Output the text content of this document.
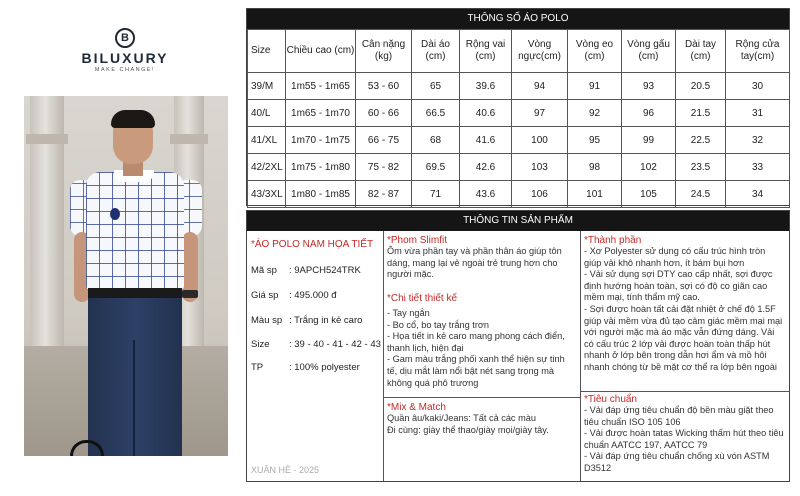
B
BILUXURY
MAKE CHANGE!
THÔNG SỐ ÁO POLO
Size	Chiều cao (cm)	Cân nặng (kg)	Dài áo (cm)	Rộng vai (cm)	Vòng ngực(cm)	Vòng eo (cm)	Vòng gấu (cm)	Dài tay (cm)	Rộng cửa tay(cm)
39/M	1m55 - 1m65	53 - 60	65	39.6	94	91	93	20.5	30
40/L	1m65 - 1m70	60 - 66	66.5	40.6	97	92	96	21.5	31
41/XL	1m70 - 1m75	66 - 75	68	41.6	100	95	99	22.5	32
42/2XL	1m75 - 1m80	75 - 82	69.5	42.6	103	98	102	23.5	33
43/3XL	1m80 - 1m85	82 - 87	71	43.6	106	101	105	24.5	34
THÔNG TIN SẢN PHẨM
*ÁO POLO NAM HỌA TIẾT
Mã sp : 9APCH524TRK
Giá sp : 495.000 đ
Màu sp : Trắng in kẻ caro
Size : 39 - 40 - 41 - 42 - 43
TP	: 100% polyester
XUÂN HÈ - 2025
*Phom Slimfit
Ôm vừa phần tay và phần thân áo giúp tôn dáng, mang lại vẻ ngoài trẻ trung hơn cho người mặc.
*Chi tiết thiết kế
- Tay ngắn
- Bo cổ, bo tay trắng trơn
- Họa tiết in kẻ caro mang phong cách điển, thanh lịch, hiện đại
- Gam màu trắng phối xanh thể hiện sự tinh tế, dịu mắt làm nổi bật nét sang trọng mà không quá phô trương
*Mix & Match
Quần âu/kaki/Jeans: Tất cả các màu
Đi cùng: giày thể thao/giày mọi/giày tây.
*Thành phần
- Xơ Polyester sử dụng có cấu trúc hình tròn giúp vải khô nhanh hơn, ít bám bụi hơn
- Vải sử dụng sợi DTY cao cấp nhất, sợi được định hướng hoàn toàn, sợi có độ co giãn cao mềm mại, tính thẩm mỹ cao.
- Sợi được hoàn tất cải đặt nhiệt ở chế độ 1.5F
giúp vải mềm vừa đủ tạo cảm giác mềm mại mại với người mặc mà áo mặc vẫn đứng dáng. Vải có cấu trúc 2 lớp vải được hoàn toàn thấp hút nhanh ở lớp bên trong dẫn hơi ẩm và mồ hôi nhanh chóng từ bề mặt cơ thể ra lớp bên ngoài
*Tiêu chuẩn
- Vải đáp ứng tiêu chuẩn độ bền màu giặt theo tiêu chuẩn ISO 105 106
- Vải được hoàn tatas Wicking thấm hút theo tiêu chuẩn AATCC 197, AATCC 79
- Vải đáp ứng tiêu chuẩn chống xù vón ASTM D3512
